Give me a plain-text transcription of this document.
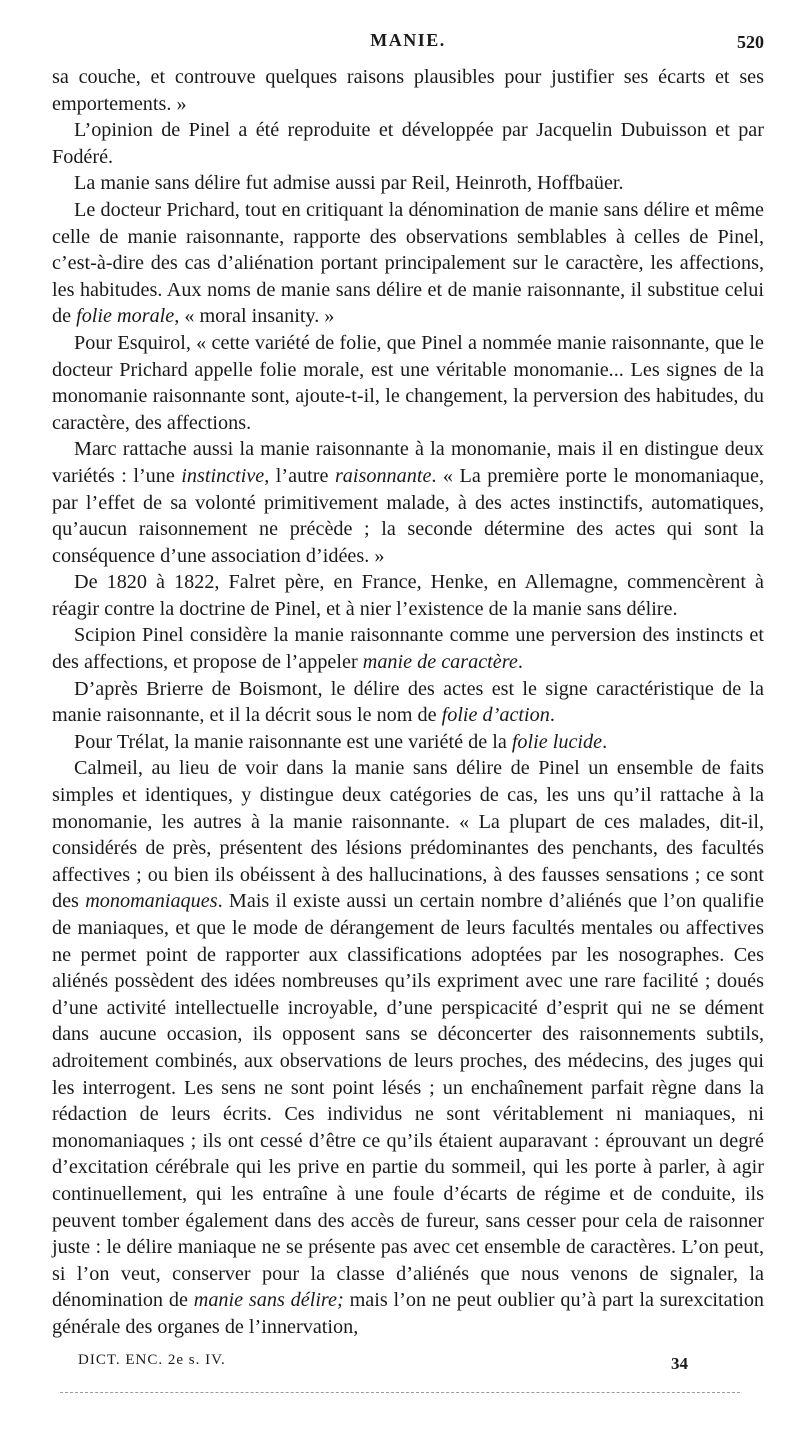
MANIE.	520

sa couche, et controuve quelques raisons plausibles pour justifier ses écarts et ses emportements. »

L’opinion de Pinel a été reproduite et développée par Jacquelin Dubuisson et par Fodéré.

La manie sans délire fut admise aussi par Reil, Heinroth, Hoffbaüer.

Le docteur Prichard, tout en critiquant la dénomination de manie sans délire et même celle de manie raisonnante, rapporte des observations semblables à celles de Pinel, c’est-à-dire des cas d’aliénation portant principalement sur le caractère, les affections, les habitudes. Aux noms de manie sans délire et de manie raisonnante, il substitue celui de folie morale, « moral insanity. »

Pour Esquirol, « cette variété de folie, que Pinel a nommée manie raisonnante, que le docteur Prichard appelle folie morale, est une véritable monomanie... Les signes de la monomanie raisonnante sont, ajoute-t-il, le changement, la perversion des habitudes, du caractère, des affections.

Marc rattache aussi la manie raisonnante à la monomanie, mais il en distingue deux variétés : l’une instinctive, l’autre raisonnante. « La première porte le monomaniaque, par l’effet de sa volonté primitivement malade, à des actes instinctifs, automatiques, qu’aucun raisonnement ne précède ; la seconde détermine des actes qui sont la conséquence d’une association d’idées. »

De 1820 à 1822, Falret père, en France, Henke, en Allemagne, commencèrent à réagir contre la doctrine de Pinel, et à nier l’existence de la manie sans délire.

Scipion Pinel considère la manie raisonnante comme une perversion des instincts et des affections, et propose de l’appeler manie de caractère.

D’après Brierre de Boismont, le délire des actes est le signe caractéristique de la manie raisonnante, et il la décrit sous le nom de folie d’action.

Pour Trélat, la manie raisonnante est une variété de la folie lucide.

Calmeil, au lieu de voir dans la manie sans délire de Pinel un ensemble de faits simples et identiques, y distingue deux catégories de cas, les uns qu’il rattache à la monomanie, les autres à la manie raisonnante. « La plupart de ces malades, dit-il, considérés de près, présentent des lésions prédominantes des penchants, des facultés affectives ; ou bien ils obéissent à des hallucinations, à des fausses sensations ; ce sont des monomaniaques. Mais il existe aussi un certain nombre d’aliénés que l’on qualifie de maniaques, et que le mode de dérangement de leurs facultés mentales ou affectives ne permet point de rapporter aux classifications adoptées par les nosographes. Ces aliénés possèdent des idées nombreuses qu’ils expriment avec une rare facilité ; doués d’une activité intellectuelle incroyable, d’une perspicacité d’esprit qui ne se dément dans aucune occasion, ils opposent sans se déconcerter des raisonnements subtils, adroitement combinés, aux observations de leurs proches, des médecins, des juges qui les interrogent. Les sens ne sont point lésés ; un enchaînement parfait règne dans la rédaction de leurs écrits. Ces individus ne sont véritablement ni maniaques, ni monomaniaques ; ils ont cessé d’être ce qu’ils étaient auparavant : éprouvant un degré d’excitation cérébrale qui les prive en partie du sommeil, qui les porte à parler, à agir continuellement, qui les entraîne à une foule d’écarts de régime et de conduite, ils peuvent tomber également dans des accès de fureur, sans cesser pour cela de raisonner juste : le délire maniaque ne se présente pas avec cet ensemble de caractères. L’on peut, si l’on veut, conserver pour la classe d’aliénés que nous venons de signaler, la dénomination de manie sans délire; mais l’on ne peut oublier qu’à part la surexcitation générale des organes de l’innervation,

DICT. ENC. 2e s. IV.	34
